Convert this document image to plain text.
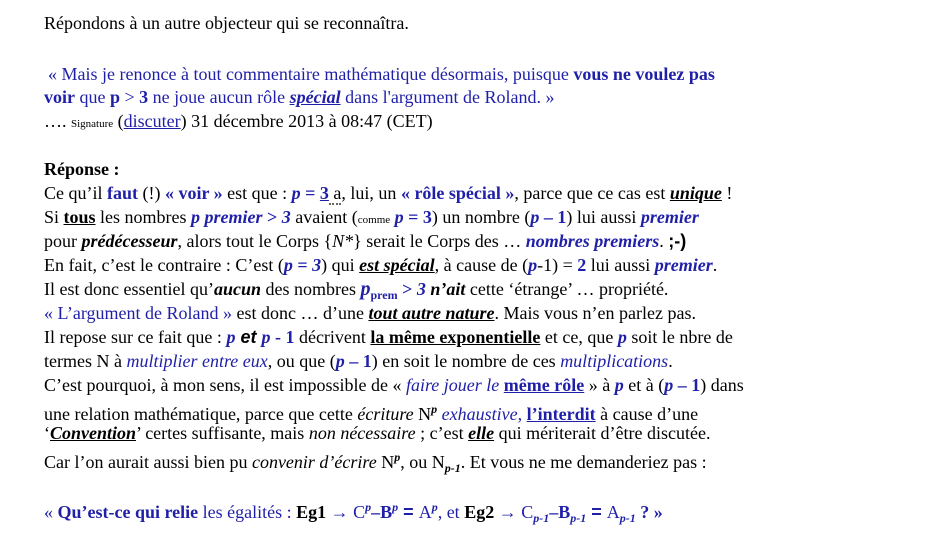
Répondons à un autre objecteur qui se reconnaîtra.
« Mais je renonce à tout commentaire mathématique désormais, puisque vous ne voulez pas
voir que p > 3 ne joue aucun rôle spécial dans l'argument de Roland. »
…. Signature (discuter) 31 décembre 2013 à 08:47 (CET)
Réponse :
Ce qu’il faut (!) « voir » est que : p = 3 a, lui, un « rôle spécial », parce que ce cas est unique !
Si tous les nombres p premier > 3 avaient (comme p = 3) un nombre (p – 1) lui aussi premier
pour prédécesseur, alors tout le Corps {N*} serait le Corps des … nombres premiers. ;-)
En fait, c’est le contraire : C’est (p = 3) qui est spécial, à cause de (p-1) = 2 lui aussi premier.
Il est donc essentiel qu’aucun des nombres $p_{prem} > 3$ n’ait cette ‘étrange’ … propriété.
« L’argument de Roland » est donc … d’une tout autre nature. Mais vous n’en parlez pas.
Il repose sur ce fait que : p et p - 1 décrivent la même exponentielle et ce, que p soit le nbre de
termes N à multiplier entre eux, ou que (p – 1) en soit le nombre de ces multiplications.
C’est pourquoi, à mon sens, il est impossible de « faire jouer le même rôle » à p et à (p – 1) dans
une relation mathématique, parce que cette écriture $N^p$ exhaustive, l’interdit à cause d’une
‘Convention’ certes suffisante, mais non nécessaire ; c’est elle qui mériterait d’être discutée.
Car l’on aurait aussi bien pu convenir d’écrire $N^p$, ou $N_{p-1}$. Et vous ne me demanderiez pas :
« Qu’est-ce qui relie les égalités : $Eg1 \to C^p-B^p = A^p$, et $Eg2 \to C_{p-1}-B_{p-1} = A_{p-1}$ ? »
